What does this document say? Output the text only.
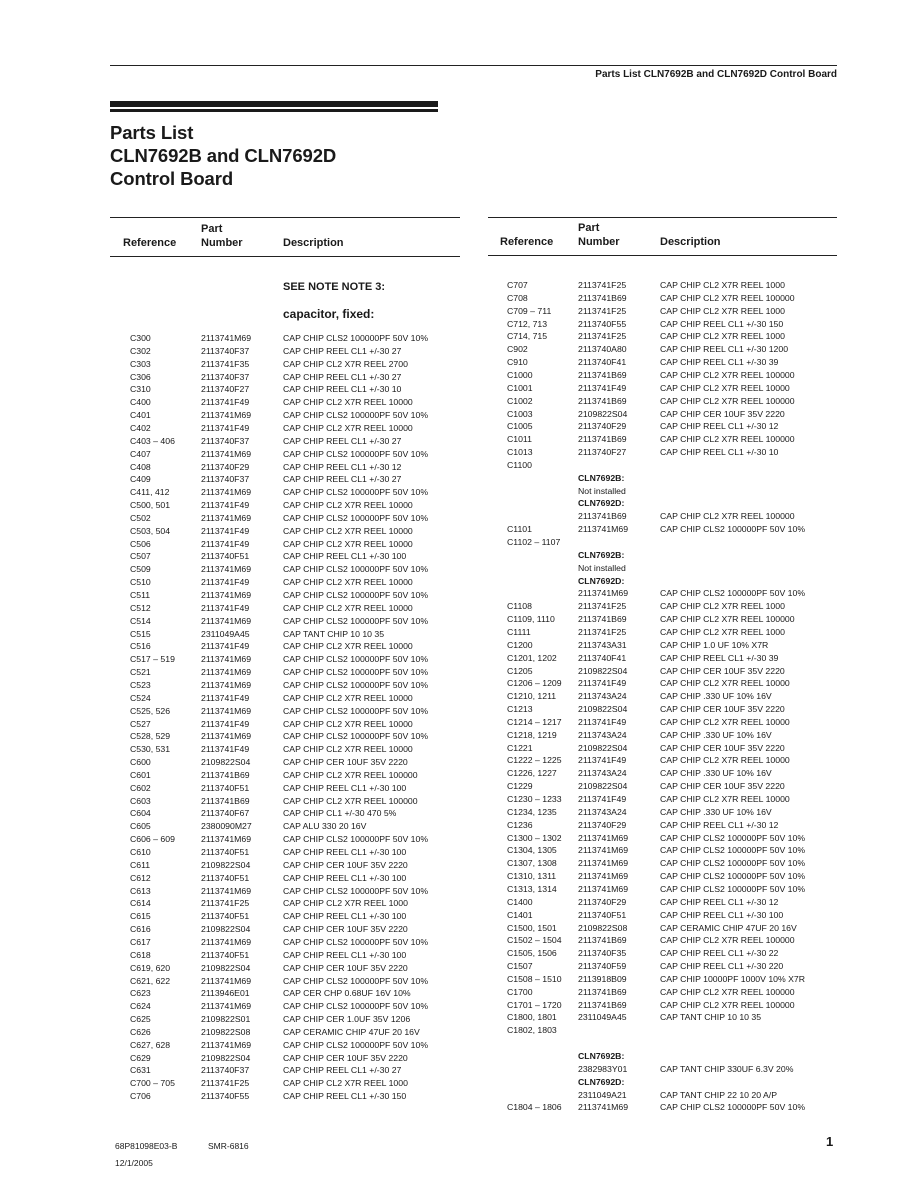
Parts List CLN7692B and CLN7692D Control Board
Parts List
CLN7692B and CLN7692D
Control Board
Reference
Part
Number	Description
SEE NOTE NOTE 3:
capacitor, fixed:
C300	2113741M69	CAP CHIP CLS2 100000PF 50V 10%
C302	2113740F37	CAP CHIP REEL CL1 +/-30 27
C303	2113741F35	CAP CHIP CL2 X7R REEL 2700
C306	2113740F37	CAP CHIP REEL CL1 +/-30 27
C310	2113740F27	CAP CHIP REEL CL1 +/-30 10
C400	2113741F49	CAP CHIP CL2 X7R REEL 10000
C401	2113741M69	CAP CHIP CLS2 100000PF 50V 10%
C402	2113741F49	CAP CHIP CL2 X7R REEL 10000
C403 – 406	2113740F37	CAP CHIP REEL CL1 +/-30 27
C407	2113741M69	CAP CHIP CLS2 100000PF 50V 10%
C408	2113740F29	CAP CHIP REEL CL1 +/-30 12
C409	2113740F37	CAP CHIP REEL CL1 +/-30 27
C411, 412	2113741M69	CAP CHIP CLS2 100000PF 50V 10%
C500, 501	2113741F49	CAP CHIP CL2 X7R REEL 10000
C502	2113741M69	CAP CHIP CLS2 100000PF 50V 10%
C503, 504	2113741F49	CAP CHIP CL2 X7R REEL 10000
C506	2113741F49	CAP CHIP CL2 X7R REEL 10000
C507	2113740F51	CAP CHIP REEL CL1 +/-30 100
C509	2113741M69	CAP CHIP CLS2 100000PF 50V 10%
C510	2113741F49	CAP CHIP CL2 X7R REEL 10000
C511	2113741M69	CAP CHIP CLS2 100000PF 50V 10%
C512	2113741F49	CAP CHIP CL2 X7R REEL 10000
C514	2113741M69	CAP CHIP CLS2 100000PF 50V 10%
C515	2311049A45	CAP TANT CHIP 10 10 35
C516	2113741F49	CAP CHIP CL2 X7R REEL 10000
C517 – 519	2113741M69	CAP CHIP CLS2 100000PF 50V 10%
C521	2113741M69	CAP CHIP CLS2 100000PF 50V 10%
C523	2113741M69	CAP CHIP CLS2 100000PF 50V 10%
C524	2113741F49	CAP CHIP CL2 X7R REEL 10000
C525, 526	2113741M69	CAP CHIP CLS2 100000PF 50V 10%
C527	2113741F49	CAP CHIP CL2 X7R REEL 10000
C528, 529	2113741M69	CAP CHIP CLS2 100000PF 50V 10%
C530, 531	2113741F49	CAP CHIP CL2 X7R REEL 10000
C600	2109822S04	CAP CHIP CER 10UF 35V 2220
C601	2113741B69	CAP CHIP CL2 X7R REEL 100000
C602	2113740F51	CAP CHIP REEL CL1 +/-30 100
C603	2113741B69	CAP CHIP CL2 X7R REEL 100000
C604	2113740F67	CAP CHIP CL1 +/-30 470 5%
C605	2380090M27	CAP ALU 330 20 16V
C606 – 609	2113741M69	CAP CHIP CLS2 100000PF 50V 10%
C610	2113740F51	CAP CHIP REEL CL1 +/-30 100
C611	2109822S04	CAP CHIP CER 10UF 35V 2220
C612	2113740F51	CAP CHIP REEL CL1 +/-30 100
C613	2113741M69	CAP CHIP CLS2 100000PF 50V 10%
C614	2113741F25	CAP CHIP CL2 X7R REEL 1000
C615	2113740F51	CAP CHIP REEL CL1 +/-30 100
C616	2109822S04	CAP CHIP CER 10UF 35V 2220
C617	2113741M69	CAP CHIP CLS2 100000PF 50V 10%
C618	2113740F51	CAP CHIP REEL CL1 +/-30 100
C619, 620	2109822S04	CAP CHIP CER 10UF 35V 2220
C621, 622	2113741M69	CAP CHIP CLS2 100000PF 50V 10%
C623	2113946E01	CAP CER CHP 0.68UF 16V 10%
C624	2113741M69	CAP CHIP CLS2 100000PF 50V 10%
C625	2109822S01	CAP CHIP CER 1.0UF 35V 1206
C626	2109822S08	CAP CERAMIC CHIP 47UF 20 16V
C627, 628	2113741M69	CAP CHIP CLS2 100000PF 50V 10%
C629	2109822S04	CAP CHIP CER 10UF 35V 2220
C631	2113740F37	CAP CHIP REEL CL1 +/-30 27
C700 – 705	2113741F25	CAP CHIP CL2 X7R REEL 1000
C706	2113740F55	CAP CHIP REEL CL1 +/-30 150
Reference
Part
Number	Description
C707	2113741F25	CAP CHIP CL2 X7R REEL 1000
C708	2113741B69	CAP CHIP CL2 X7R REEL 100000
C709 – 711	2113741F25	CAP CHIP CL2 X7R REEL 1000
C712, 713	2113740F55	CAP CHIP REEL CL1 +/-30 150
C714, 715	2113741F25	CAP CHIP CL2 X7R REEL 1000
C902	2113740A80	CAP CHIP REEL CL1 +/-30 1200
C910	2113740F41	CAP CHIP REEL CL1 +/-30 39
C1000	2113741B69	CAP CHIP CL2 X7R REEL 100000
C1001	2113741F49	CAP CHIP CL2 X7R REEL 10000
C1002	2113741B69	CAP CHIP CL2 X7R REEL 100000
C1003	2109822S04	CAP CHIP CER 10UF 35V 2220
C1005	2113740F29	CAP CHIP REEL CL1 +/-30 12
C1011	2113741B69	CAP CHIP CL2 X7R REEL 100000
C1013	2113740F27	CAP CHIP REEL CL1 +/-30 10
C1100
CLN7692B:
Not installed
CLN7692D:
2113741B69	CAP CHIP CL2 X7R REEL 100000
C1101	2113741M69	CAP CHIP CLS2 100000PF 50V 10%
C1102 – 1107
CLN7692B:
Not installed
CLN7692D:
2113741M69	CAP CHIP CLS2 100000PF 50V 10%
C1108	2113741F25	CAP CHIP CL2 X7R REEL 1000
C1109, 1110	2113741B69	CAP CHIP CL2 X7R REEL 100000
C1111	2113741F25	CAP CHIP CL2 X7R REEL 1000
C1200	2113743A31	CAP CHIP 1.0 UF 10% X7R
C1201, 1202 2113740F41	CAP CHIP REEL CL1 +/-30 39
C1205	2109822S04	CAP CHIP CER 10UF 35V 2220
C1206 – 1209 2113741F49	CAP CHIP CL2 X7R REEL 10000
C1210, 1211	2113743A24	CAP CHIP .330 UF 10% 16V
C1213	2109822S04	CAP CHIP CER 10UF 35V 2220
C1214 – 1217 2113741F49	CAP CHIP CL2 X7R REEL 10000
C1218, 1219 2113743A24	CAP CHIP .330 UF 10% 16V
C1221	2109822S04	CAP CHIP CER 10UF 35V 2220
C1222 – 1225 2113741F49	CAP CHIP CL2 X7R REEL 10000
C1226, 1227 2113743A24	CAP CHIP .330 UF 10% 16V
C1229	2109822S04	CAP CHIP CER 10UF 35V 2220
C1230 – 1233 2113741F49	CAP CHIP CL2 X7R REEL 10000
C1234, 1235 2113743A24	CAP CHIP .330 UF 10% 16V
C1236	2113740F29	CAP CHIP REEL CL1 +/-30 12
C1300 – 1302 2113741M69	CAP CHIP CLS2 100000PF 50V 10%
C1304, 1305 2113741M69	CAP CHIP CLS2 100000PF 50V 10%
C1307, 1308 2113741M69	CAP CHIP CLS2 100000PF 50V 10%
C1310, 1311	2113741M69	CAP CHIP CLS2 100000PF 50V 10%
C1313, 1314 2113741M69	CAP CHIP CLS2 100000PF 50V 10%
C1400	2113740F29	CAP CHIP REEL CL1 +/-30 12
C1401	2113740F51	CAP CHIP REEL CL1 +/-30 100
C1500, 1501 2109822S08	CAP CERAMIC CHIP 47UF 20 16V
C1502 – 1504 2113741B69	CAP CHIP CL2 X7R REEL 100000
C1505, 1506 2113740F35	CAP CHIP REEL CL1 +/-30 22
C1507	2113740F59	CAP CHIP REEL CL1 +/-30 220
C1508 – 1510 2113918B09	CAP CHIP 10000PF 1000V 10% X7R
C1700	2113741B69	CAP CHIP CL2 X7R REEL 100000
C1701 – 1720 2113741B69	CAP CHIP CL2 X7R REEL 100000
C1800, 1801 2311049A45	CAP TANT CHIP 10 10 35
C1802, 1803
CLN7692B:
2382983Y01	CAP TANT CHIP 330UF 6.3V 20%
CLN7692D:
2311049A21	CAP TANT CHIP 22 10 20 A/P
C1804 – 1806 2113741M69	CAP CHIP CLS2 100000PF 50V 10%
68P81098E03-B	SMR-6816
12/1/2005
1
